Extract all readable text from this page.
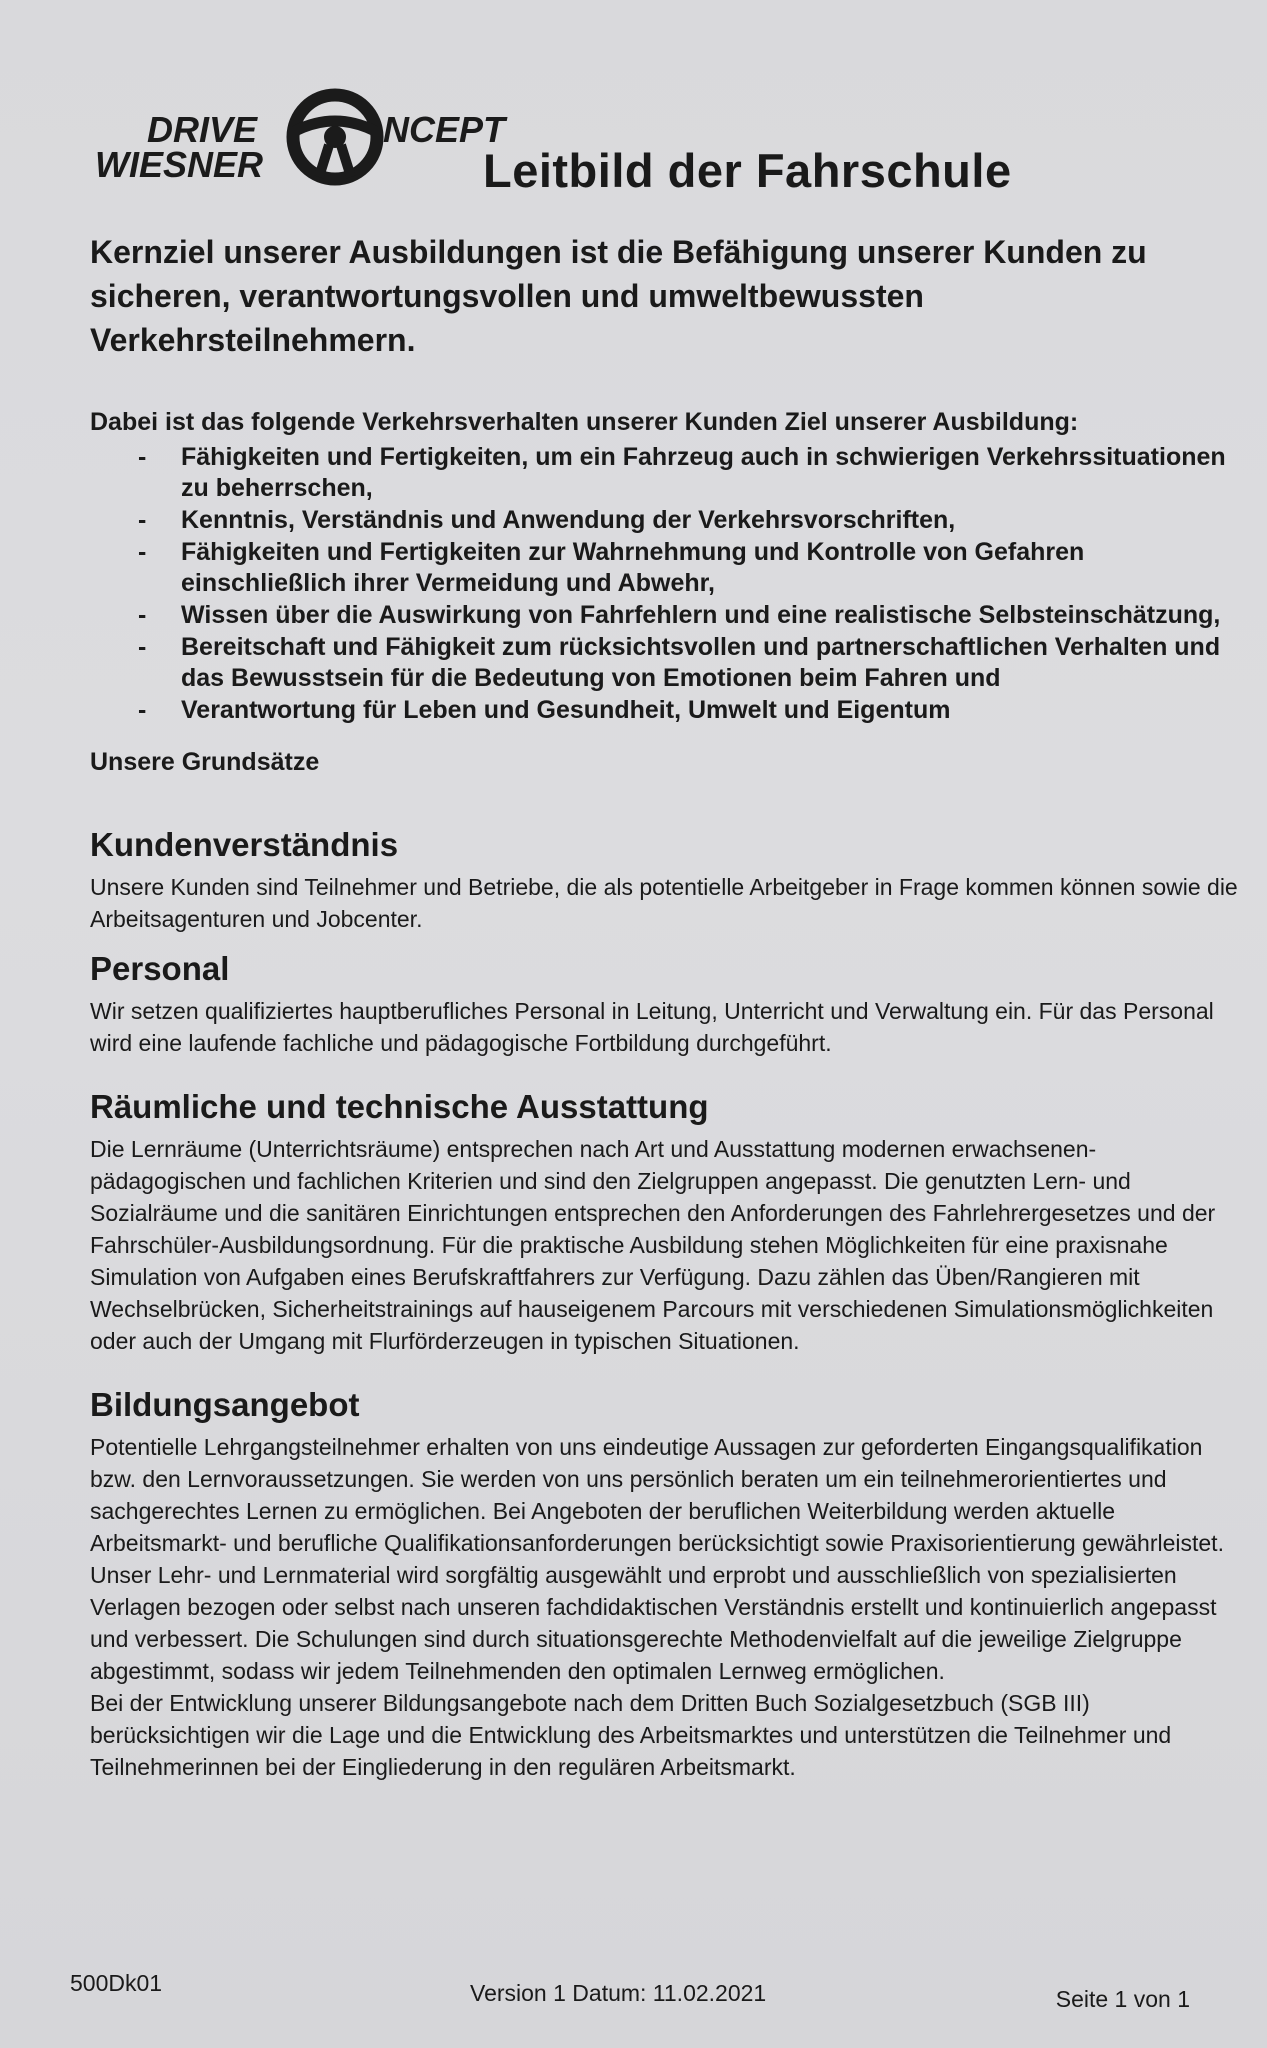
DRIVE	NCEPT
WIESNER	Leitbild der Fahrschule

Kernziel unserer Ausbildungen ist die Befähigung unserer Kunden zu sicheren, verantwortungsvollen und umweltbewussten Verkehrsteilnehmern.

Dabei ist das folgende Verkehrsverhalten unserer Kunden Ziel unserer Ausbildung:

- Fähigkeiten und Fertigkeiten, um ein Fahrzeug auch in schwierigen Verkehrssituationen zu beherrschen,
- Kenntnis, Verständnis und Anwendung der Verkehrsvorschriften,
- Fähigkeiten und Fertigkeiten zur Wahrnehmung und Kontrolle von Gefahren einschließlich ihrer Vermeidung und Abwehr,
- Wissen über die Auswirkung von Fahrfehlern und eine realistische Selbsteinschätzung,
- Bereitschaft und Fähigkeit zum rücksichtsvollen und partnerschaftlichen Verhalten und das Bewusstsein für die Bedeutung von Emotionen beim Fahren und
- Verantwortung für Leben und Gesundheit, Umwelt und Eigentum

Unsere Grundsätze

Kundenverständnis

Unsere Kunden sind Teilnehmer und Betriebe, die als potentielle Arbeitgeber in Frage kommen können sowie die Arbeitsagenturen und Jobcenter.

Personal

Wir setzen qualifiziertes hauptberufliches Personal in Leitung, Unterricht und Verwaltung ein. Für das Personal wird eine laufende fachliche und pädagogische Fortbildung durchgeführt.

Räumliche und technische Ausstattung

Die Lernräume (Unterrichtsräume) entsprechen nach Art und Ausstattung modernen erwachsenen-pädagogischen und fachlichen Kriterien und sind den Zielgruppen angepasst. Die genutzten Lern- und Sozialräume und die sanitären Einrichtungen entsprechen den Anforderungen des Fahrlehrergesetzes und der Fahrschüler-Ausbildungsordnung. Für die praktische Ausbildung stehen Möglichkeiten für eine praxisnahe Simulation von Aufgaben eines Berufskraftfahrers zur Verfügung. Dazu zählen das Üben/Rangieren mit Wechselbrücken, Sicherheitstrainings auf hauseigenem Parcours mit verschiedenen Simulationsmöglichkeiten oder auch der Umgang mit Flurförderzeugen in typischen Situationen.

Bildungsangebot

Potentielle Lehrgangsteilnehmer erhalten von uns eindeutige Aussagen zur geforderten Eingangsqualifikation bzw. den Lernvoraussetzungen. Sie werden von uns persönlich beraten um ein teilnehmerorientiertes und sachgerechtes Lernen zu ermöglichen. Bei Angeboten der beruflichen Weiterbildung werden aktuelle Arbeitsmarkt- und berufliche Qualifikationsanforderungen berücksichtigt sowie Praxisorientierung gewährleistet.

Unser Lehr- und Lernmaterial wird sorgfältig ausgewählt und erprobt und ausschließlich von spezialisierten Verlagen bezogen oder selbst nach unseren fachdidaktischen Verständnis erstellt und kontinuierlich angepasst und verbessert. Die Schulungen sind durch situationsgerechte Methodenvielfalt auf die jeweilige Zielgruppe abgestimmt, sodass wir jedem Teilnehmenden den optimalen Lernweg ermöglichen.

Bei der Entwicklung unserer Bildungsangebote nach dem Dritten Buch Sozialgesetzbuch (SGB III) berücksichtigen wir die Lage und die Entwicklung des Arbeitsmarktes und unterstützen die Teilnehmer und Teilnehmerinnen bei der Eingliederung in den regulären Arbeitsmarkt.

500Dk01	Version 1 Datum: 11.02.2021	Seite 1 von 1
